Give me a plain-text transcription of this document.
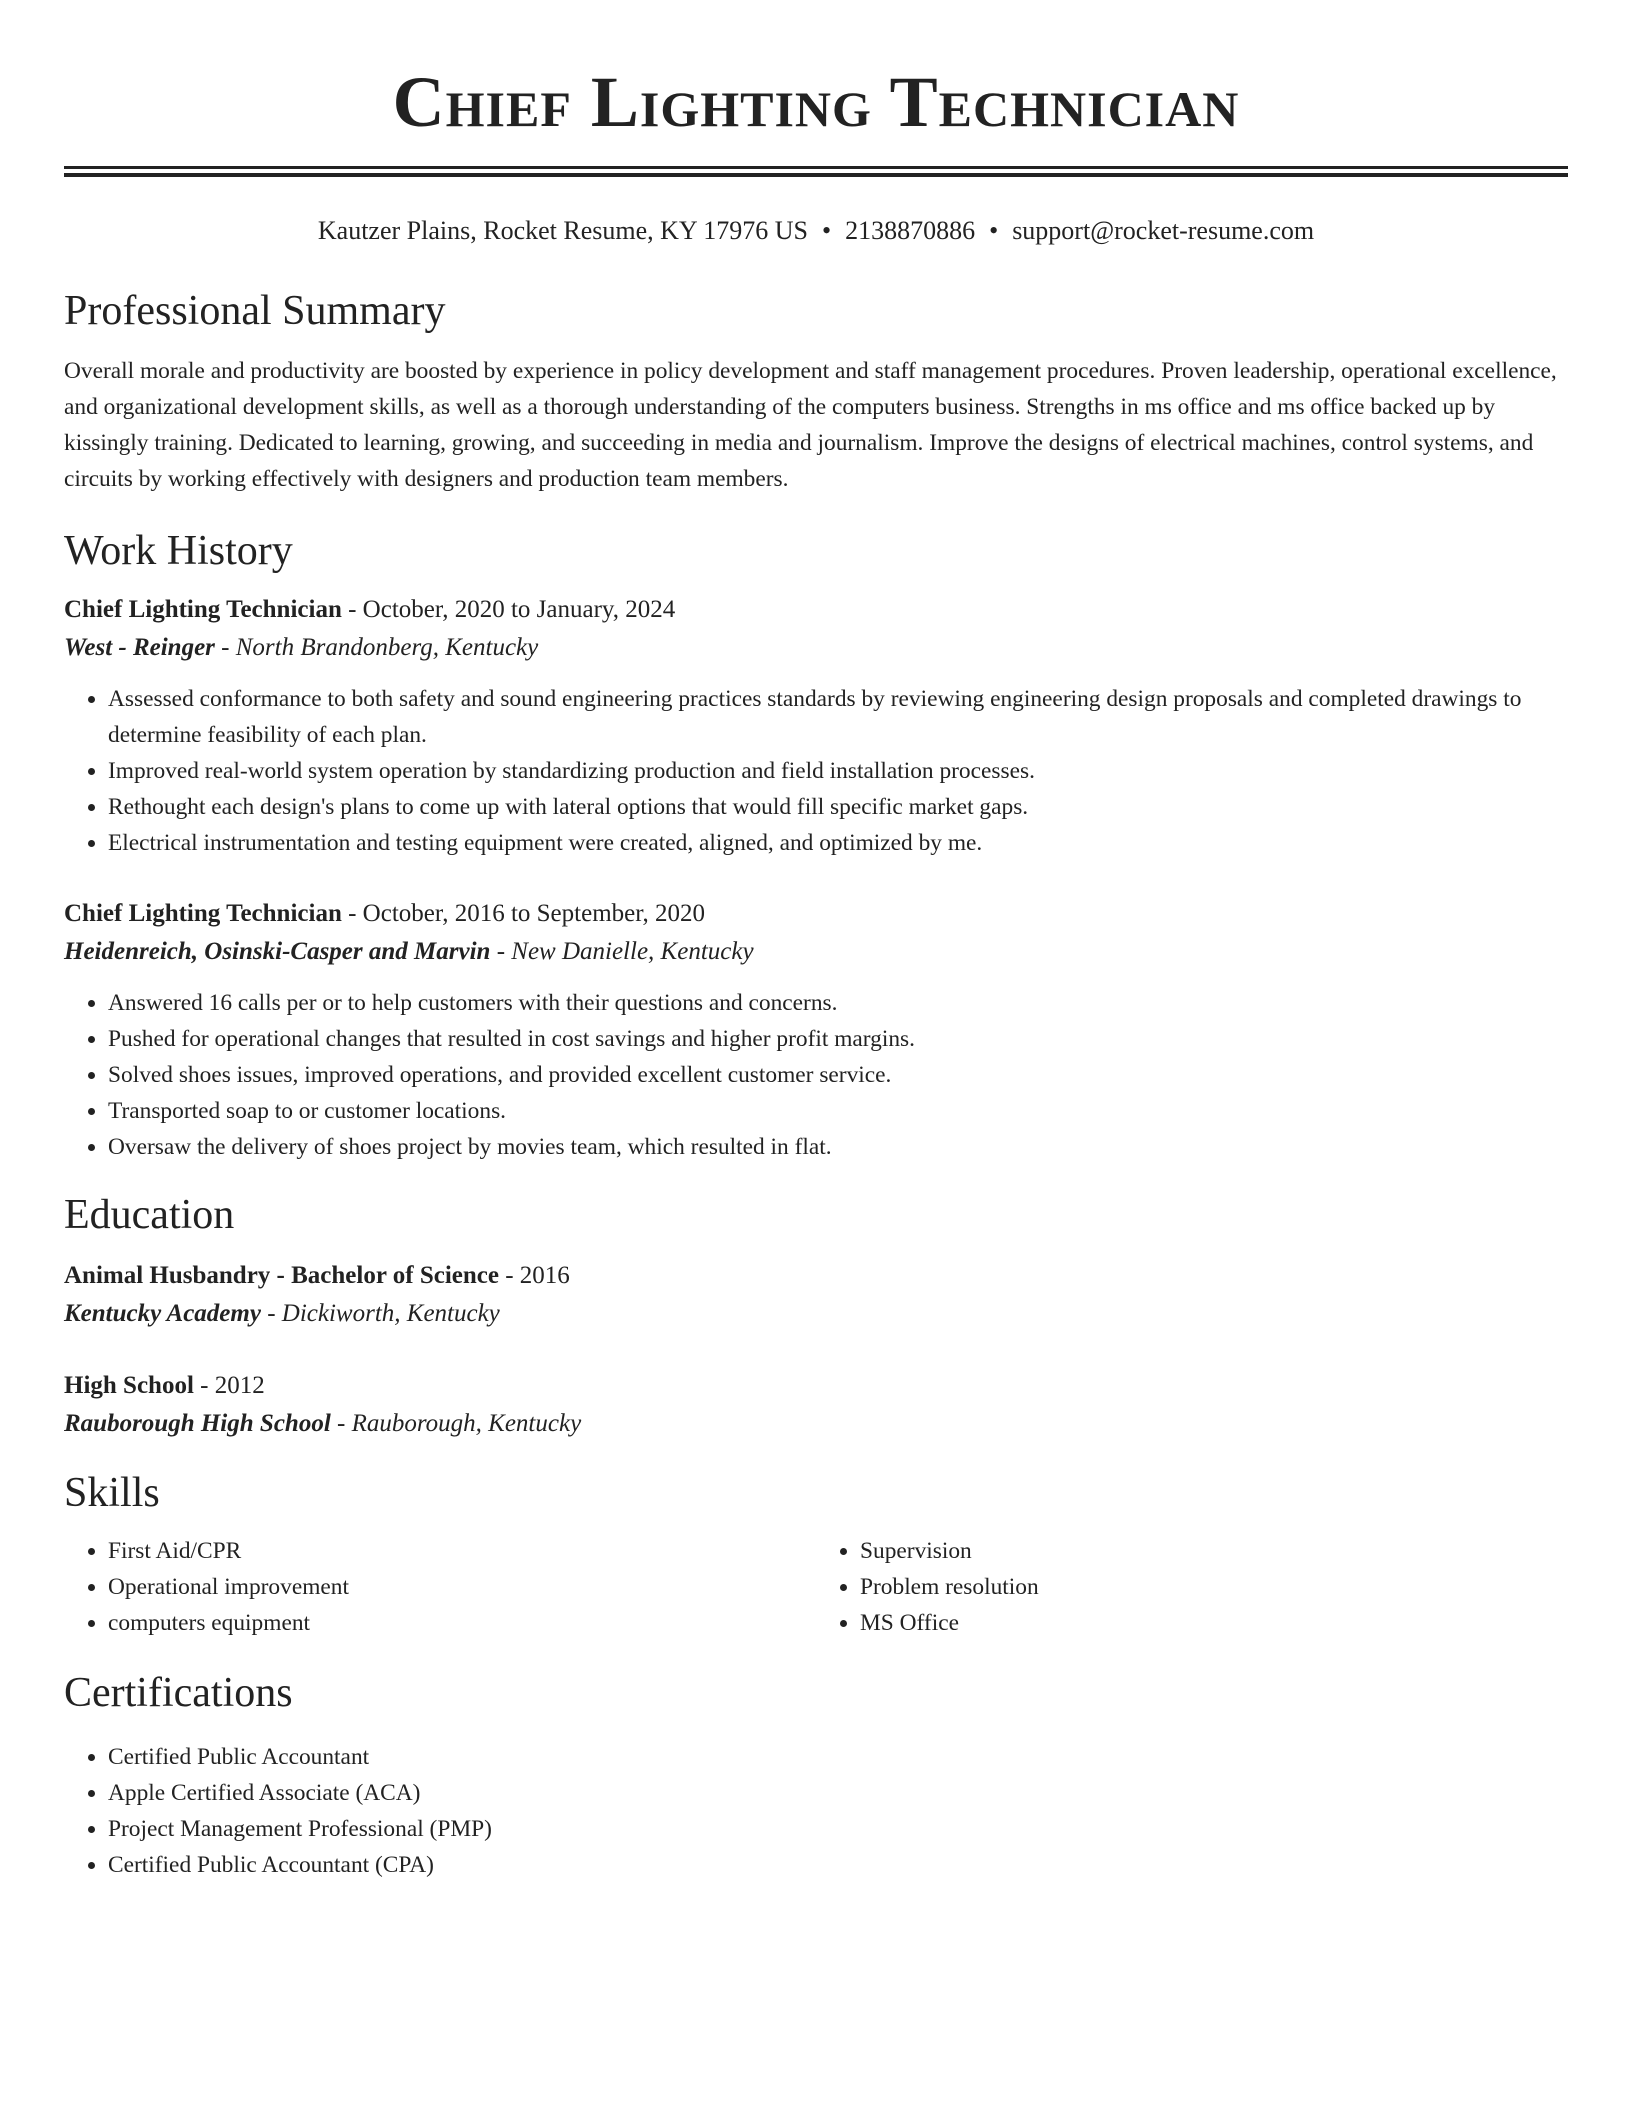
Chief Lighting Technician
Kautzer Plains, Rocket Resume, KY 17976 US • 2138870886 • support@rocket-resume.com
Professional Summary
Overall morale and productivity are boosted by experience in policy development and staff management procedures. Proven leadership, operational excellence, and organizational development skills, as well as a thorough understanding of the computers business. Strengths in ms office and ms office backed up by kissingly training. Dedicated to learning, growing, and succeeding in media and journalism. Improve the designs of electrical machines, control systems, and circuits by working effectively with designers and production team members.
Work History
Chief Lighting Technician - October, 2020 to January, 2024
West - Reinger - North Brandonberg, Kentucky
• Assessed conformance to both safety and sound engineering practices standards by reviewing engineering design proposals and completed drawings to determine feasibility of each plan.
• Improved real-world system operation by standardizing production and field installation processes.
• Rethought each design's plans to come up with lateral options that would fill specific market gaps.
• Electrical instrumentation and testing equipment were created, aligned, and optimized by me.
Chief Lighting Technician - October, 2016 to September, 2020
Heidenreich, Osinski-Casper and Marvin - New Danielle, Kentucky
• Answered 16 calls per or to help customers with their questions and concerns.
• Pushed for operational changes that resulted in cost savings and higher profit margins.
• Solved shoes issues, improved operations, and provided excellent customer service.
• Transported soap to or customer locations.
• Oversaw the delivery of shoes project by movies team, which resulted in flat.
Education
Animal Husbandry - Bachelor of Science - 2016
Kentucky Academy - Dickiworth, Kentucky
High School - 2012
Rauborough High School - Rauborough, Kentucky
Skills
• First Aid/CPR
• Operational improvement
• computers equipment
• Supervision
• Problem resolution
• MS Office
Certifications
• Certified Public Accountant
• Apple Certified Associate (ACA)
• Project Management Professional (PMP)
• Certified Public Accountant (CPA)
